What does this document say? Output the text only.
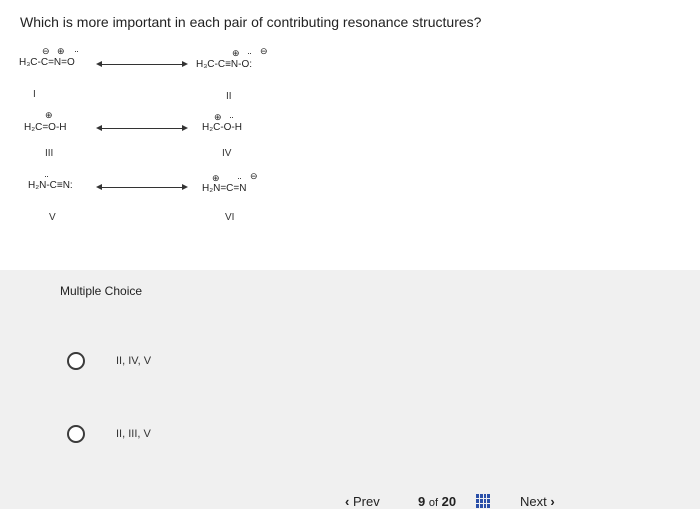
Which is more important in each pair of contributing resonance structures?
H₃C-C=N=O
⊖ ⊕ ··
H₃C-C≡N-O:
⊕ ·· ⊖
I	II
⊕
H₂C=O-H
⊕ ··
H₂C-O-H
III	IV
H₂N-C≡N:
··	⊕
H₂N=C=N
·· ⊖
V	VI
Multiple Choice
II, IV, V
II, III, V
‹ Prev	9 of 20	Next ›
